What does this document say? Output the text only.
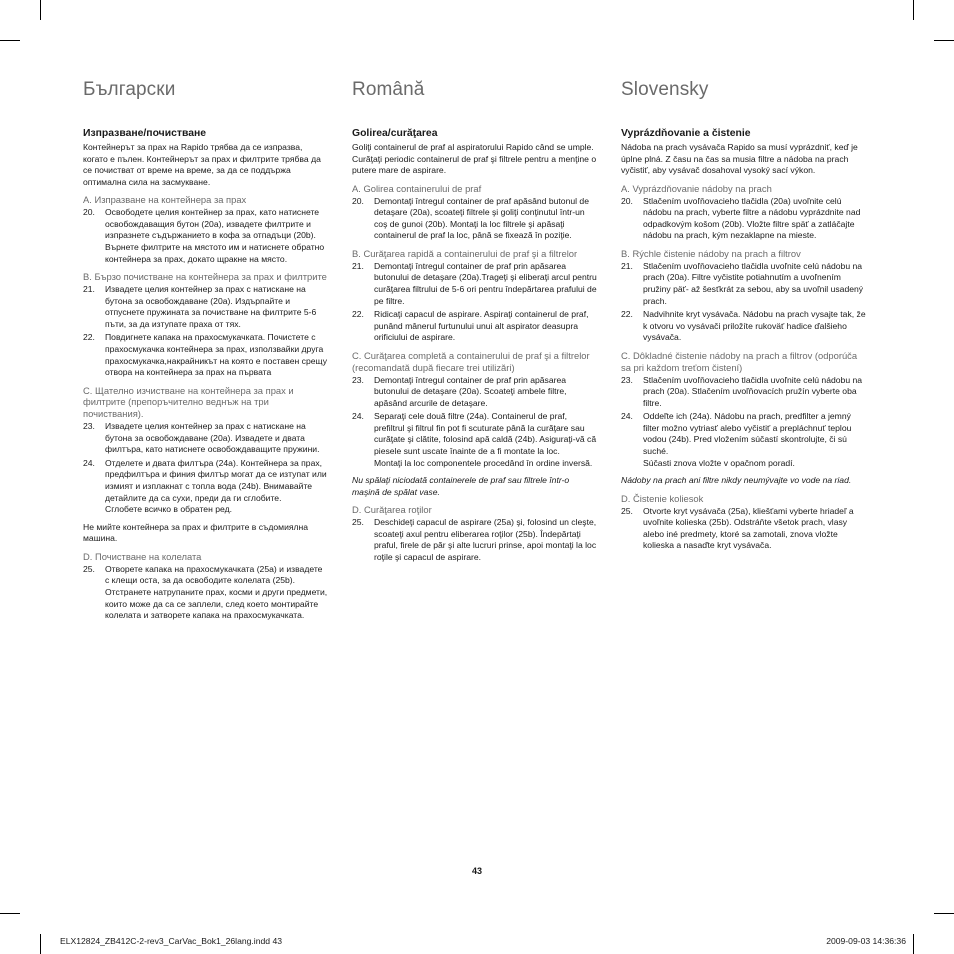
Български
Изпразване/почистване

Контейнерът за прах на Rapido трябва да се изпразва, когато е пълен. Контейнерът за прах и филтрите трябва да се почистват от време на време, за да се поддържа оптимална сила на засмукване.

A. Изпразване на контейнера за прах
20.	Освободете целия контейнер за прах, като натиснете освобождаващия бутон (20a), извадете филтрите и изпразнете съдържанието в кофа за отпадъци (20b). Върнете филтрите на мястото им и натиснете обратно контейнера за прах, докато щракне на място.
B. Бързо почистване на контейнера за прах и филтрите
21.	Извадете целия контейнер за прах с натискане на бутона за освобождаване (20a). Издърпайте и отпуснете пружината за почистване на филтрите 5-6 пъти, за да изтупате праха от тях.
22.	Повдигнете капака на прахосмукачката. Почистете с прахосмукачка контейнера за прах, използвайки друга прахосмукачка,накрайникът на която е поставен срещу отвора на контейнера за прах на първата
C. Щателно изчистване на контейнера за прах и филтрите (препоръчително веднъж на три почиствания).
23.	Извадете целия контейнер за прах с натискане на бутона за освобождаване (20a). Извадете и двата филтъра, като натиснете освобождаващите пружини.
24.	Отделете и двата филтъра (24a). Контейнера за прах, предфилтъра и финия филтър могат да се изтупат или измият и изплакнат с топла вода (24b). Внимавайте детайлите да са сухи, преди да ги сглобите.
Сглобете всичко в обратен ред.

Не мийте контейнера за прах и филтрите в съдомиялна машина.

D. Почистване на колелата
25.	Отворете капака на прахосмукачката (25a) и извадете с клещи оста, за да освободите колелата (25b). Отстранете натрупаните прах, косми и други предмети, които може да са се заплели, след което монтирайте колелата и затворете капака на прахосмукачката.
Română
Golirea/curăţarea

Goliţi containerul de praf al aspiratorului Rapido când se umple. Curăţaţi periodic containerul de praf şi filtrele pentru a menţine o putere mare de aspirare.

A. Golirea containerului de praf
20.	Demontaţi întregul container de praf apăsând butonul de detaşare (20a), scoateţi filtrele şi goliţi conţinutul într-un coş de gunoi (20b). Montaţi la loc filtrele şi apăsaţi containerul de praf la loc, până se fixează în poziţie.
B. Curăţarea rapidă a containerului de praf şi a filtrelor
21.	Demontaţi întregul container de praf prin apăsarea butonului de detaşare (20a).Trageţi şi eliberaţi arcul pentru curăţarea filtrului de 5-6 ori pentru îndepărtarea prafului de pe filtre.
22.	Ridicaţi capacul de aspirare. Aspiraţi containerul de praf, punând mânerul furtunului unui alt aspirator deasupra orificiului de aspirare.
C. Curăţarea completă a containerului de praf şi a filtrelor (recomandată după fiecare trei utilizări)
23.	Demontaţi întregul container de praf prin apăsarea butonului de detaşare (20a). Scoateţi ambele filtre, apăsând arcurile de detaşare.
24.	Separaţi cele două filtre (24a). Containerul de praf, prefiltrul şi filtrul fin pot fi scuturate până la curăţare sau curăţate şi clătite, folosind apă caldă (24b). Asiguraţi-vă că piesele sunt uscate înainte de a fi montate la loc.
Montaţi la loc componentele procedând în ordine inversă.

Nu spălaţi niciodată containerele de praf sau filtrele într-o maşină de spălat vase.

D. Curăţarea roţilor
25.	Deschideţi capacul de aspirare (25a) şi, folosind un cleşte, scoateţi axul pentru eliberarea roţilor (25b). Îndepărtaţi praful, firele de păr şi alte lucruri prinse, apoi montaţi la loc roţile şi capacul de aspirare.
Slovensky
Vyprázdňovanie a čistenie

Nádoba na prach vysávača Rapido sa musí vyprázdniť, keď je úplne plná. Z času na čas sa musia filtre a nádoba na prach vyčistiť, aby vysávač dosahoval vysoký sací výkon.

A. Vyprázdňovanie nádoby na prach
20.	Stlačením uvoľňovacieho tlačidla (20a) uvoľnite celú nádobu na prach, vyberte filtre a nádobu vyprázdnite nad odpadkovým košom (20b). Vložte filtre späť a zatláčajte nádobu na prach, kým nezaklapne na mieste.
B. Rýchle čistenie nádoby na prach a filtrov
21.	Stlačením uvoľňovacieho tlačidla uvoľnite celú nádobu na prach (20a). Filtre vyčistite potiahnutím a uvoľnením pružiny päť- až šesťkrát za sebou, aby sa uvoľnil usadený prach.
22.	Nadvihnite kryt vysávača. Nádobu na prach vysajte tak, že k otvoru vo vysávači priložíte rukoväť hadice ďalšieho vysávača.
C. Dôkladné čistenie nádoby na prach a filtrov (odporúča sa pri každom treťom čistení)
23.	Stlačením uvoľňovacieho tlačidla uvoľnite celú nádobu na prach (20a). Stlačením uvoľňovacích pružín vyberte oba filtre.
24.	Oddeľte ich (24a). Nádobu na prach, predfilter a jemný filter možno vytriasť alebo vyčistiť a prepláchnuť teplou vodou (24b). Pred vložením súčastí skontrolujte, či sú suché.
Súčasti znova vložte v opačnom poradí.

Nádoby na prach ani filtre nikdy neumývajte vo vode na riad.

D. Čistenie koliesok
25.	Otvorte kryt vysávača (25a), kliešťami vyberte hriadeľ a uvoľnite kolieska (25b). Odstráňte všetok prach, vlasy alebo iné predmety, ktoré sa zamotali, znova vložte kolieska a nasaďte kryt vysávača.
43
ELX12824_ZB412C-2-rev3_CarVac_Bok1_26lang.indd 43	2009-09-03 14:36:36
